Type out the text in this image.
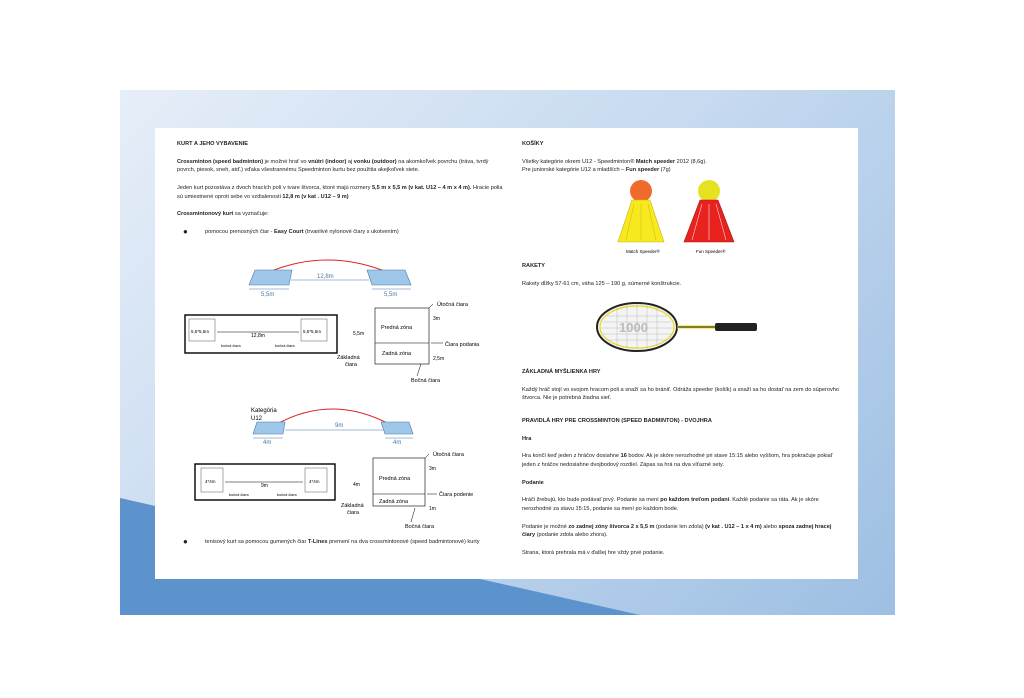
KURT A JEHO VYBAVENIE

Crossminton (speed badminton) je možné hrať vo vnútri (indoor) aj vonku (outdoor) na akomkoľvek povrchu (tráva, tvrdý povrch, piesok, sneh, atď.) vďaka všestrannému Speedminton kurtu bez použitia akejkoľvek siete.

Jeden kurt pozostáva z dvoch hracích polí v tvare štvorca, ktoré majú rozmery 5,5 m x 5,5 m (v kat. U12 – 4 m x 4 m). Hracie polia sú umiestnené oproti sebe vo vzdialenosti 12,8 m (v kat . U12 – 9 m)

Crossmintonový kurt sa vyznačuje:

●	pomocou prenosných čiar - Easy Court (trvanlivé nylonové čiary s ukotvením)
12,8m
5,5m	5,5m
5,5*5,5m	5,5*5,5m
12,8m
bočná čiara	bočná čiara
5,5m
Predná zóna
Zadná zóna
Útočná čiara
3m
Čiara podania
2,5m
Základná
čiara
Bočná čiara
Kategória
U12
9m
4m	4m
4*4m	4*4m
9m
bočná čiara	bočná čiara
4m
Predná zóna
Zadná zóna
Útočná čiara
3m
Čiara podenie
1m
Základná
čiara
Bočná čiara
●	tenisový kurt sa pomocou gumených čiar T-Lines premení na dva crossmintonové (speed badmintonové) kurty
KOŠÍKY
Všetky kategórie okrem U12 - Speedminton® Match speeder 2012 (8,6g).
Pre juniorské kategórie U12 a mladších – Fun speeder (7g)
Match Speeder®	Fun Speeder®
RAKETY

Rakety dĺžky 57-61 cm, váha 125 – 190 g, súmerné konštrukcie.

1000
ZÁKLADNÁ MYŠLIENKA HRY

Každý hráč stojí vo svojom hracom poli a snaží sa ho brániť. Odráža speeder (košík) a snaží sa ho dostať na zem do súperovho štvorca. Nie je potrebná žiadna sieť.

PRAVIDLÁ HRY PRE CROSSMINTON (SPEED BADMINTON) - DVOJHRA
Hra

Hra končí keď jeden z hráčov dosiahne 16 bodov. Ak je skóre nerozhodné pri stave 15:15 alebo vyššom, hra pokračuje pokiaľ jeden z hráčov nedosiahne dvojbodový rozdiel. Zápas sa hrá na dva víťazné sety.

Podanie

Hráči žrebujú, kto bude podávať prvý. Podanie sa mení po každom treťom podaní. Každé podanie sa ráta. Ak je skóre nerozhodné za stavu 15:15, podanie sa mení po každom bode.

Podanie je možné zo zadnej zóny štvorca 2 x 5,5 m (podanie len zdola) (v kat . U12 – 1 x 4 m) alebo spoza zadnej hracej čiary (podanie zdola alebo zhora).

Strana, ktorá prehrala má v ďalšej hre vždy prvé podanie.
